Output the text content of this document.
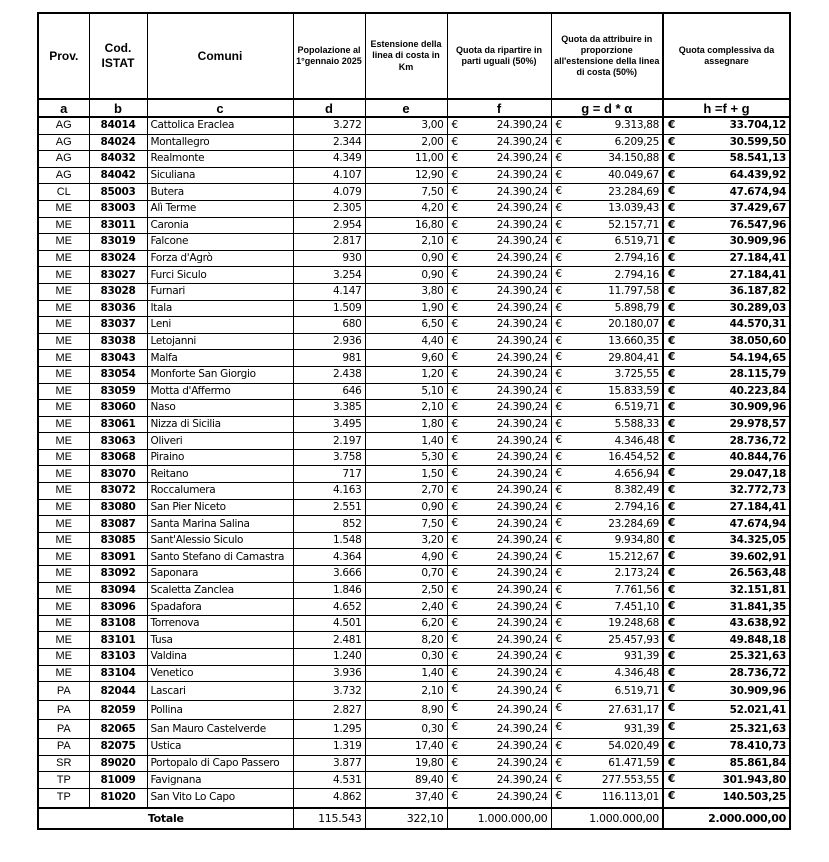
Prov.	Cod. ISTAT	Comuni	Popolazione al 1°gennaio 2025	Estensione della linea di costa in Km	Quota da ripartire in parti uguali (50%)	Quota da attribuire in proporzione all'estensione della linea di costa (50%)	Quota complessiva da assegnare
a	b	c	d	e	f	g = d * α	h =f + g
AG	84014	Cattolica Eraclea	3.272	3,00	€ 24.390,24	€ 9.313,88	€ 33.704,12
AG	84024	Montallegro	2.344	2,00	€ 24.390,24	€ 6.209,25	€ 30.599,50
AG	84032	Realmonte	4.349	11,00	€ 24.390,24	€ 34.150,88	€ 58.541,13
AG	84042	Siculiana	4.107	12,90	€ 24.390,24	€ 40.049,67	€ 64.439,92
CL	85003	Butera	4.079	7,50	€ 24.390,24	€ 23.284,69	€ 47.674,94
ME	83003	Alì Terme	2.305	4,20	€ 24.390,24	€ 13.039,43	€ 37.429,67
ME	83011	Caronia	2.954	16,80	€ 24.390,24	€ 52.157,71	€ 76.547,96
ME	83019	Falcone	2.817	2,10	€ 24.390,24	€ 6.519,71	€ 30.909,96
ME	83024	Forza d'Agrò	930	0,90	€ 24.390,24	€ 2.794,16	€ 27.184,41
ME	83027	Furci Siculo	3.254	0,90	€ 24.390,24	€ 2.794,16	€ 27.184,41
ME	83028	Furnari	4.147	3,80	€ 24.390,24	€ 11.797,58	€ 36.187,82
ME	83036	Itala	1.509	1,90	€ 24.390,24	€ 5.898,79	€ 30.289,03
ME	83037	Leni	680	6,50	€ 24.390,24	€ 20.180,07	€ 44.570,31
ME	83038	Letojanni	2.936	4,40	€ 24.390,24	€ 13.660,35	€ 38.050,60
ME	83043	Malfa	981	9,60	€ 24.390,24	€ 29.804,41	€ 54.194,65
ME	83054	Monforte San Giorgio	2.438	1,20	€ 24.390,24	€ 3.725,55	€ 28.115,79
ME	83059	Motta d'Affermo	646	5,10	€ 24.390,24	€ 15.833,59	€ 40.223,84
ME	83060	Naso	3.385	2,10	€ 24.390,24	€ 6.519,71	€ 30.909,96
ME	83061	Nizza di Sicilia	3.495	1,80	€ 24.390,24	€ 5.588,33	€ 29.978,57
ME	83063	Oliveri	2.197	1,40	€ 24.390,24	€ 4.346,48	€ 28.736,72
ME	83068	Piraino	3.758	5,30	€ 24.390,24	€ 16.454,52	€ 40.844,76
ME	83070	Reitano	717	1,50	€ 24.390,24	€ 4.656,94	€ 29.047,18
ME	83072	Roccalumera	4.163	2,70	€ 24.390,24	€ 8.382,49	€ 32.772,73
ME	83080	San Pier Niceto	2.551	0,90	€ 24.390,24	€ 2.794,16	€ 27.184,41
ME	83087	Santa Marina Salina	852	7,50	€ 24.390,24	€ 23.284,69	€ 47.674,94
ME	83085	Sant'Alessio Siculo	1.548	3,20	€ 24.390,24	€ 9.934,80	€ 34.325,05
ME	83091	Santo Stefano di Camastra	4.364	4,90	€ 24.390,24	€ 15.212,67	€ 39.602,91
ME	83092	Saponara	3.666	0,70	€ 24.390,24	€ 2.173,24	€ 26.563,48
ME	83094	Scaletta Zanclea	1.846	2,50	€ 24.390,24	€ 7.761,56	€ 32.151,81
ME	83096	Spadafora	4.652	2,40	€ 24.390,24	€ 7.451,10	€ 31.841,35
ME	83108	Torrenova	4.501	6,20	€ 24.390,24	€ 19.248,68	€ 43.638,92
ME	83101	Tusa	2.481	8,20	€ 24.390,24	€ 25.457,93	€ 49.848,18
ME	83103	Valdina	1.240	0,30	€ 24.390,24	€ 931,39	€ 25.321,63
ME	83104	Venetico	3.936	1,40	€ 24.390,24	€ 4.346,48	€ 28.736,72
PA	82044	Lascari	3.732	2,10	€ 24.390,24	€ 6.519,71	€ 30.909,96
PA	82059	Pollina	2.827	8,90	€ 24.390,24	€ 27.631,17	€ 52.021,41
PA	82065	San Mauro Castelverde	1.295	0,30	€ 24.390,24	€ 931,39	€ 25.321,63
PA	82075	Ustica	1.319	17,40	€ 24.390,24	€ 54.020,49	€ 78.410,73
SR	89020	Portopalo di Capo Passero	3.877	19,80	€ 24.390,24	€ 61.471,59	€ 85.861,84
TP	81009	Favignana	4.531	89,40	€ 24.390,24	€ 277.553,55	€ 301.943,80
TP	81020	San Vito Lo Capo	4.862	37,40	€ 24.390,24	€ 116.113,01	€ 140.503,25
Totale			115.543	322,10	1.000.000,00	1.000.000,00	2.000.000,00
